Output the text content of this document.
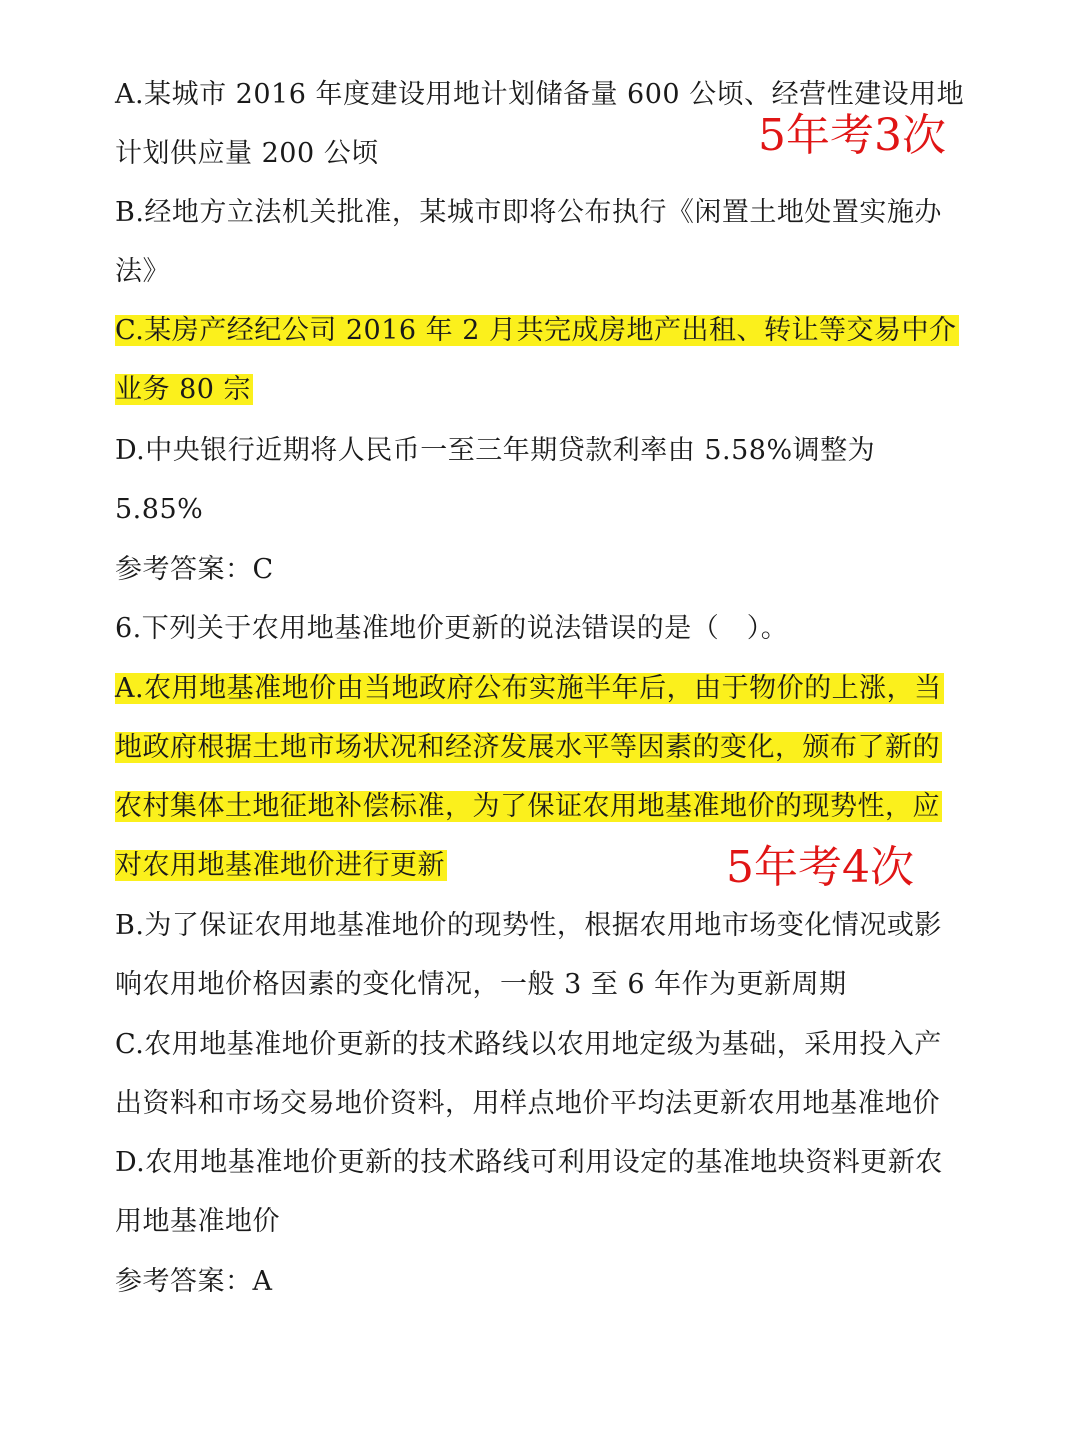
A.某城市 2016 年度建设用地计划储备量 600 公顷、经营性建设用地
计划供应量 200 公顷	5年考3次
B.经地方立法机关批准，某城市即将公布执行《闲置土地处置实施办
法》
C.某房产经纪公司 2016 年 2 月共完成房地产出租、转让等交易中介
业务 80 宗
D.中央银行近期将人民币一至三年期贷款利率由 5.58%调整为
5.85%
参考答案：C
6.下列关于农用地基准地价更新的说法错误的是（　）。
A.农用地基准地价由当地政府公布实施半年后，由于物价的上涨，当
地政府根据土地市场状况和经济发展水平等因素的变化，颁布了新的
农村集体土地征地补偿标准，为了保证农用地基准地价的现势性，应
对农用地基准地价进行更新	5年考4次
B.为了保证农用地基准地价的现势性，根据农用地市场变化情况或影
响农用地价格因素的变化情况，一般 3 至 6 年作为更新周期
C.农用地基准地价更新的技术路线以农用地定级为基础，采用投入产
出资料和市场交易地价资料，用样点地价平均法更新农用地基准地价
D.农用地基准地价更新的技术路线可利用设定的基准地块资料更新农
用地基准地价
参考答案：A
